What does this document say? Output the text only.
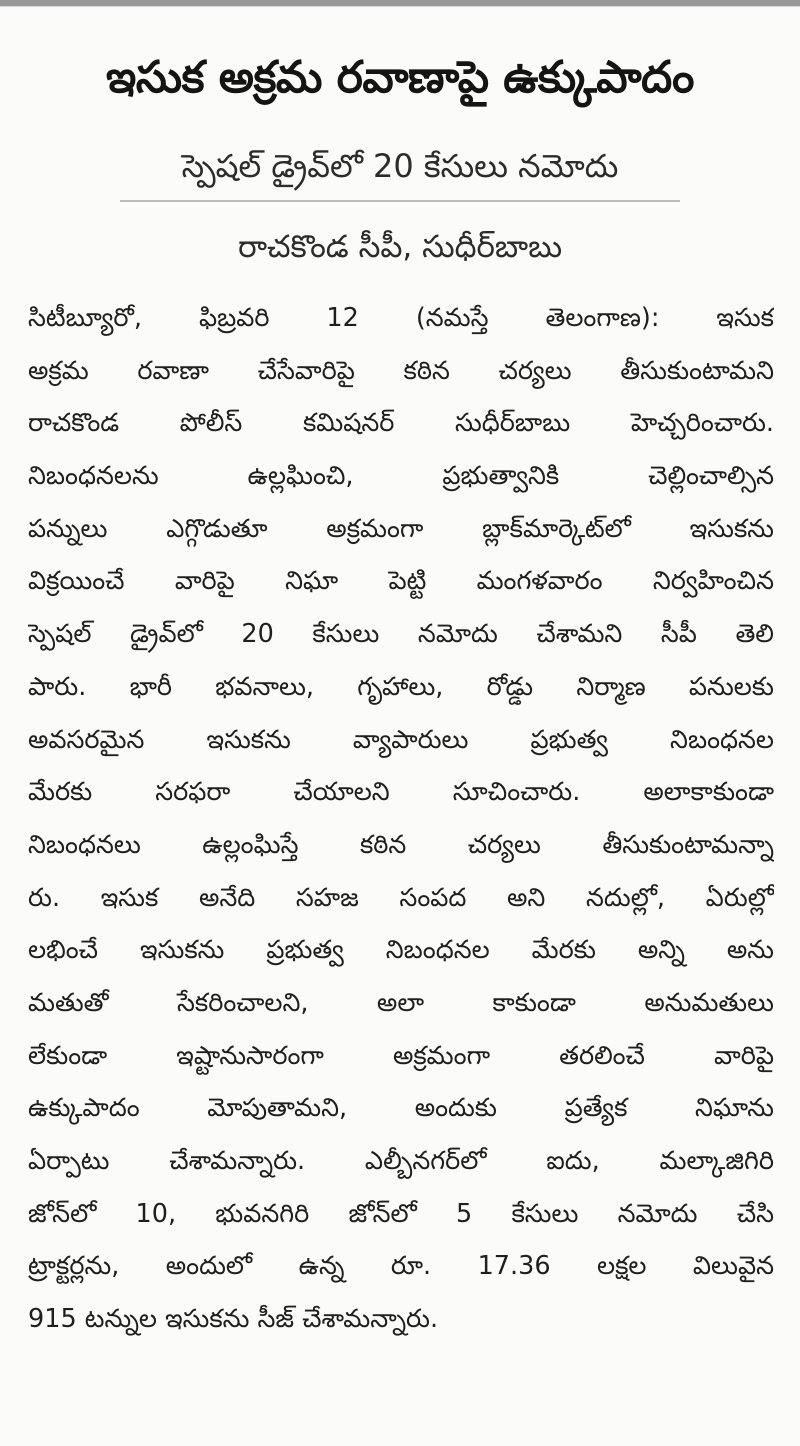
ఇసుక అక్రమ రవాణాపై ఉక్కుపాదం
స్పెషల్ డ్రైవ్‌లో 20 కేసులు నమోదు
రాచకొండ సీపీ, సుధీర్‌బాబు
సిటీబ్యూరో, ఫిబ్రవరి 12 (నమస్తే తెలంగాణ): ఇసుక
అక్రమ రవాణా చేసేవారిపై కఠిన చర్యలు తీసుకుంటామని
రాచకొండ పోలీస్ కమిషనర్ సుధీర్‌బాబు హెచ్చరించారు.
నిబంధనలను ఉల్లఘించి, ప్రభుత్వానికి చెల్లించాల్సిన
పన్నులు ఎగ్గొడుతూ అక్రమంగా బ్లాక్‌మార్కెట్‌లో ఇసుకను
విక్రయించే వారిపై నిఘా పెట్టి మంగళవారం నిర్వహించిన
స్పెషల్ డ్రైవ్‌లో 20 కేసులు నమోదు చేశామని సీపీ తెలి
పారు. భారీ భవనాలు, గృహాలు, రోడ్డు నిర్మాణ పనులకు
అవసరమైన ఇసుకను వ్యాపారులు ప్రభుత్వ నిబంధనల
మేరకు సరఫరా చేయాలని సూచించారు. అలాకాకుండా
నిబంధనలు ఉల్లంఘిస్తే కఠిన చర్యలు తీసుకుంటామన్నా
రు. ఇసుక అనేది సహజ సంపద అని నదుల్లో, ఏరుల్లో
లభించే ఇసుకను ప్రభుత్వ నిబంధనల మేరకు అన్ని అను
మతుతో సేకరించాలని, అలా కాకుండా అనుమతులు
లేకుండా ఇష్టానుసారంగా అక్రమంగా తరలించే వారిపై
ఉక్కుపాదం మోపుతామని, అందుకు ప్రత్యేక నిఘాను
ఏర్పాటు చేశామన్నారు. ఎల్బీనగర్‌లో ఐదు, మల్కాజిగిరి
జోన్‌లో 10, భువనగిరి జోన్‌లో 5 కేసులు నమోదు చేసి
ట్రాక్టర్లను, అందులో ఉన్న రూ. 17.36 లక్షల విలువైన
915 టన్నుల ఇసుకను సీజ్ చేశామన్నారు.
